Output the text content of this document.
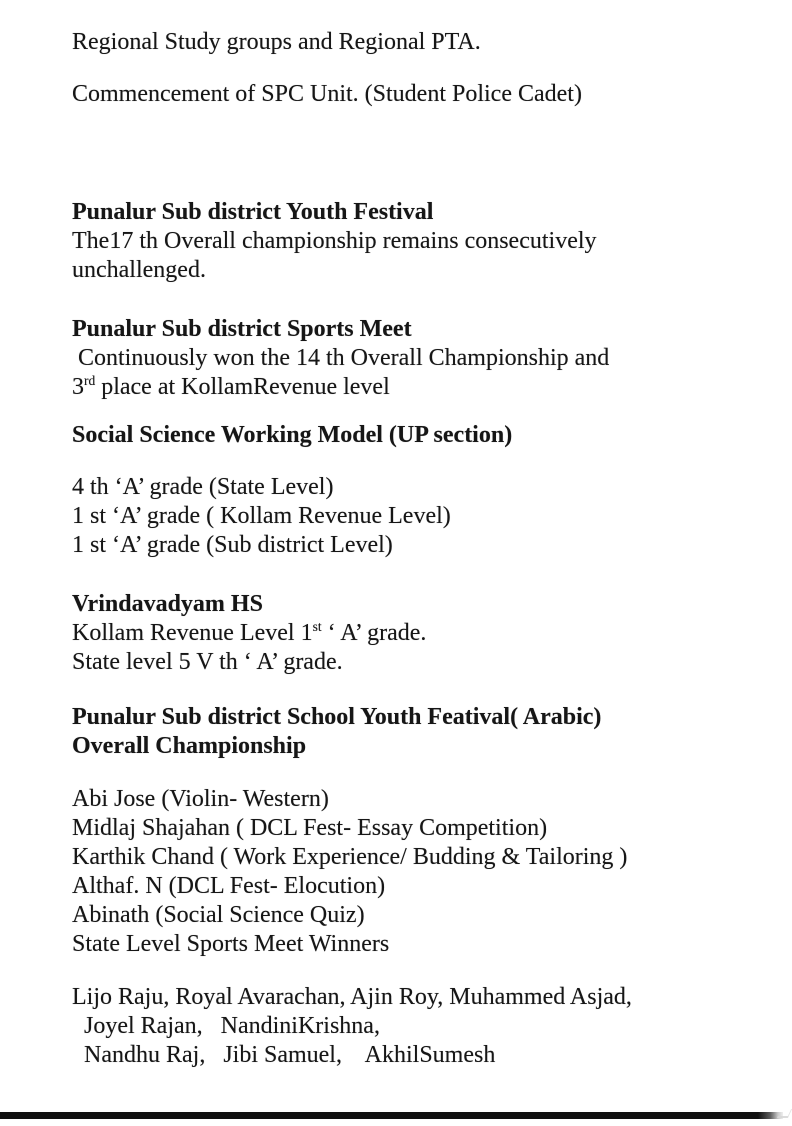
Regional Study groups and Regional PTA.
Commencement of SPC Unit. (Student Police Cadet)
Punalur Sub district Youth Festival
The17 th Overall championship remains consecutively
unchallenged.
Punalur Sub district Sports Meet
Continuously won the 14 th Overall Championship and
3rd place at KollamRevenue level
Social Science Working Model (UP section)
4 th ‘A’ grade (State Level)
1 st ‘A’ grade ( Kollam Revenue Level)
1 st ‘A’ grade (Sub district Level)
Vrindavadyam HS
Kollam Revenue Level 1st ‘ A’ grade.
State level 5 V th ‘ A’ grade.
Punalur Sub district School Youth Featival( Arabic)
Overall Championship
Abi Jose (Violin- Western)
Midlaj Shajahan ( DCL Fest- Essay Competition)
Karthik Chand ( Work Experience/ Budding & Tailoring )
Althaf. N (DCL Fest- Elocution)
Abinath (Social Science Quiz)
State Level Sports Meet Winners
Lijo Raju, Royal Avarachan, Ajin Roy, Muhammed Asjad,
Joyel Rajan,   NandiniKrishna,
Nandhu Raj,   Jibi Samuel,    AkhilSumesh
